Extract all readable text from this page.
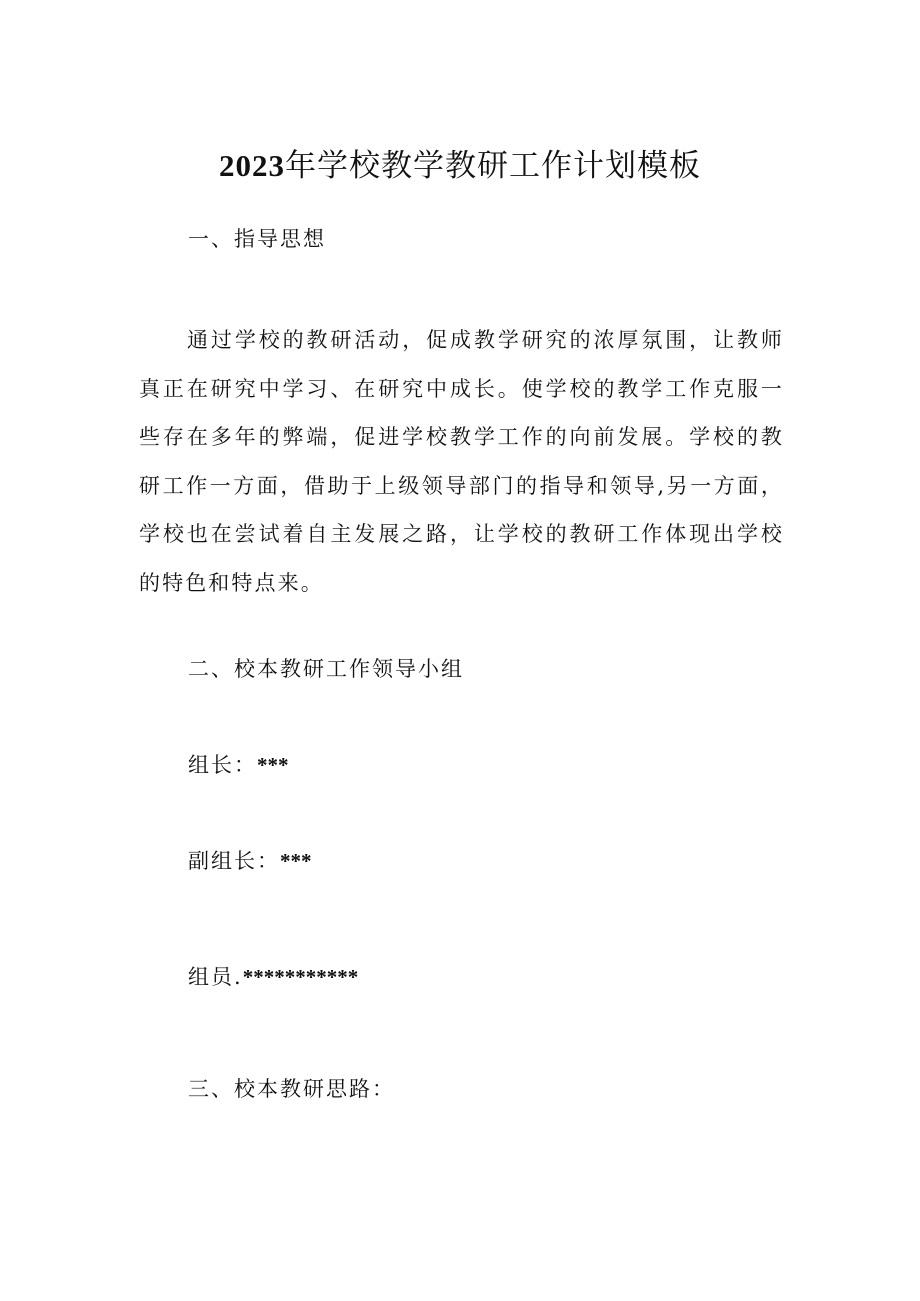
2023年学校教学教研工作计划模板

一、指导思想

通过学校的教研活动，促成教学研究的浓厚氛围，让教师真正在研究中学习、在研究中成长。使学校的教学工作克服一些存在多年的弊端，促进学校教学工作的向前发展。学校的教研工作一方面，借助于上级领导部门的指导和领导,另一方面，学校也在尝试着自主发展之路，让学校的教研工作体现出学校的特色和特点来。

二、校本教研工作领导小组

组长：***

副组长：***

组员.***********

三、校本教研思路：
